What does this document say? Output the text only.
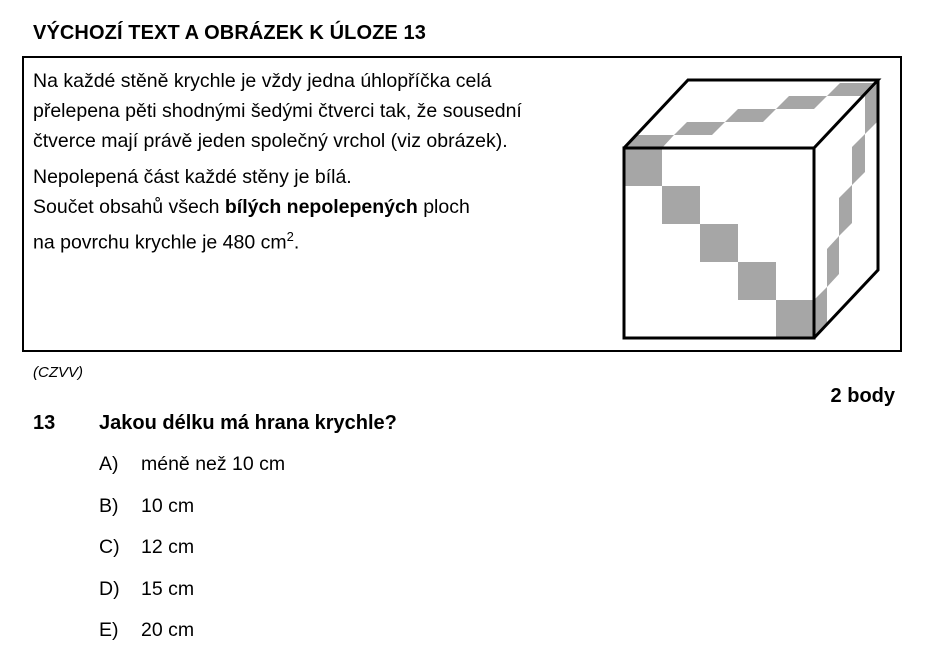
VÝCHOZÍ TEXT A OBRÁZEK K ÚLOZE 13

Na každé stěně krychle je vždy jedna úhlopříčka celá

přelepena pěti shodnými šedými čtverci tak, že sousední

čtverce mají právě jeden společný vrchol (viz obrázek).

Nepolepená část každé stěny je bílá.

Součet obsahů všech bílých nepolepených ploch

na povrchu krychle je 480 $cm^2$.

(CZVV)
2 body
13 Jakou délku má hrana krychle?
A)	méně než 10 cm
B)	10 cm
C)	12 cm
D)	15 cm
E)	20 cm
